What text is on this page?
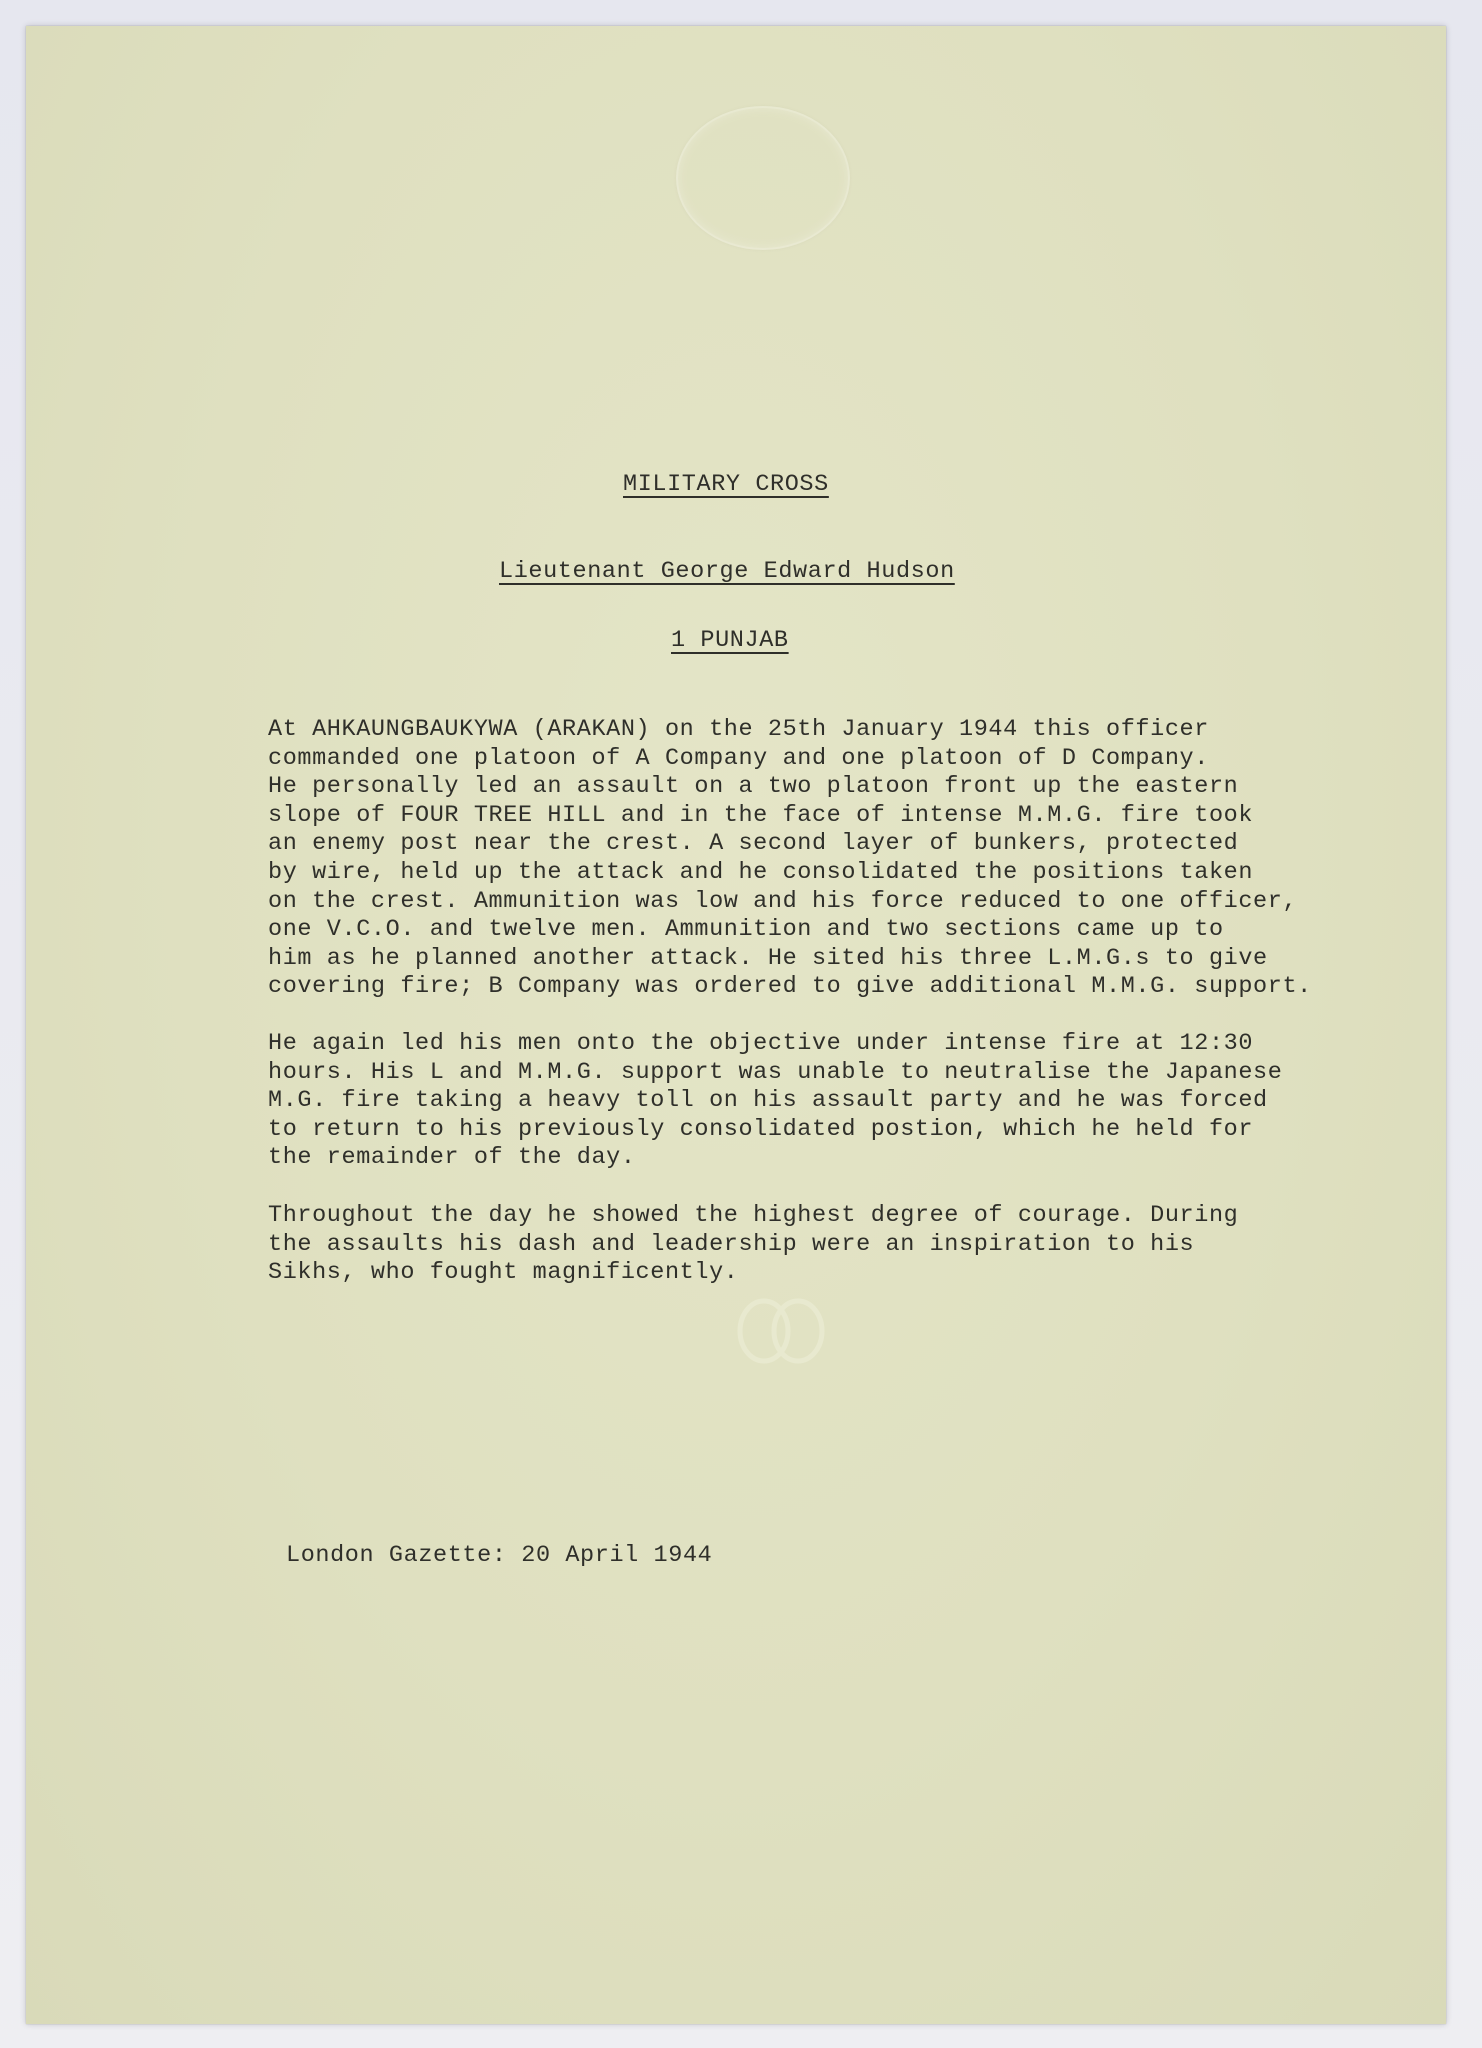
MILITARY CROSS
Lieutenant George Edward Hudson
1 PUNJAB

At AHKAUNGBAUKYWA (ARAKAN) on the 25th January 1944 this officer
commanded one platoon of A Company and one platoon of D Company.
He personally led an assault on a two platoon front up the eastern
slope of FOUR TREE HILL and in the face of intense M.M.G. fire took
an enemy post near the crest. A second layer of bunkers, protected
by wire, held up the attack and he consolidated the positions taken
on the crest. Ammunition was low and his force reduced to one officer,
one V.C.O. and twelve men. Ammunition and two sections came up to
him as he planned another attack. He sited his three L.M.G.s to give
covering fire; B Company was ordered to give additional M.M.G. support.

He again led his men onto the objective under intense fire at 12:30
hours. His L and M.M.G. support was unable to neutralise the Japanese
M.G. fire taking a heavy toll on his assault party and he was forced
to return to his previously consolidated postion, which he held for
the remainder of the day.

Throughout the day he showed the highest degree of courage. During
the assaults his dash and leadership were an inspiration to his
Sikhs, who fought magnificently.

London Gazette: 20 April 1944
